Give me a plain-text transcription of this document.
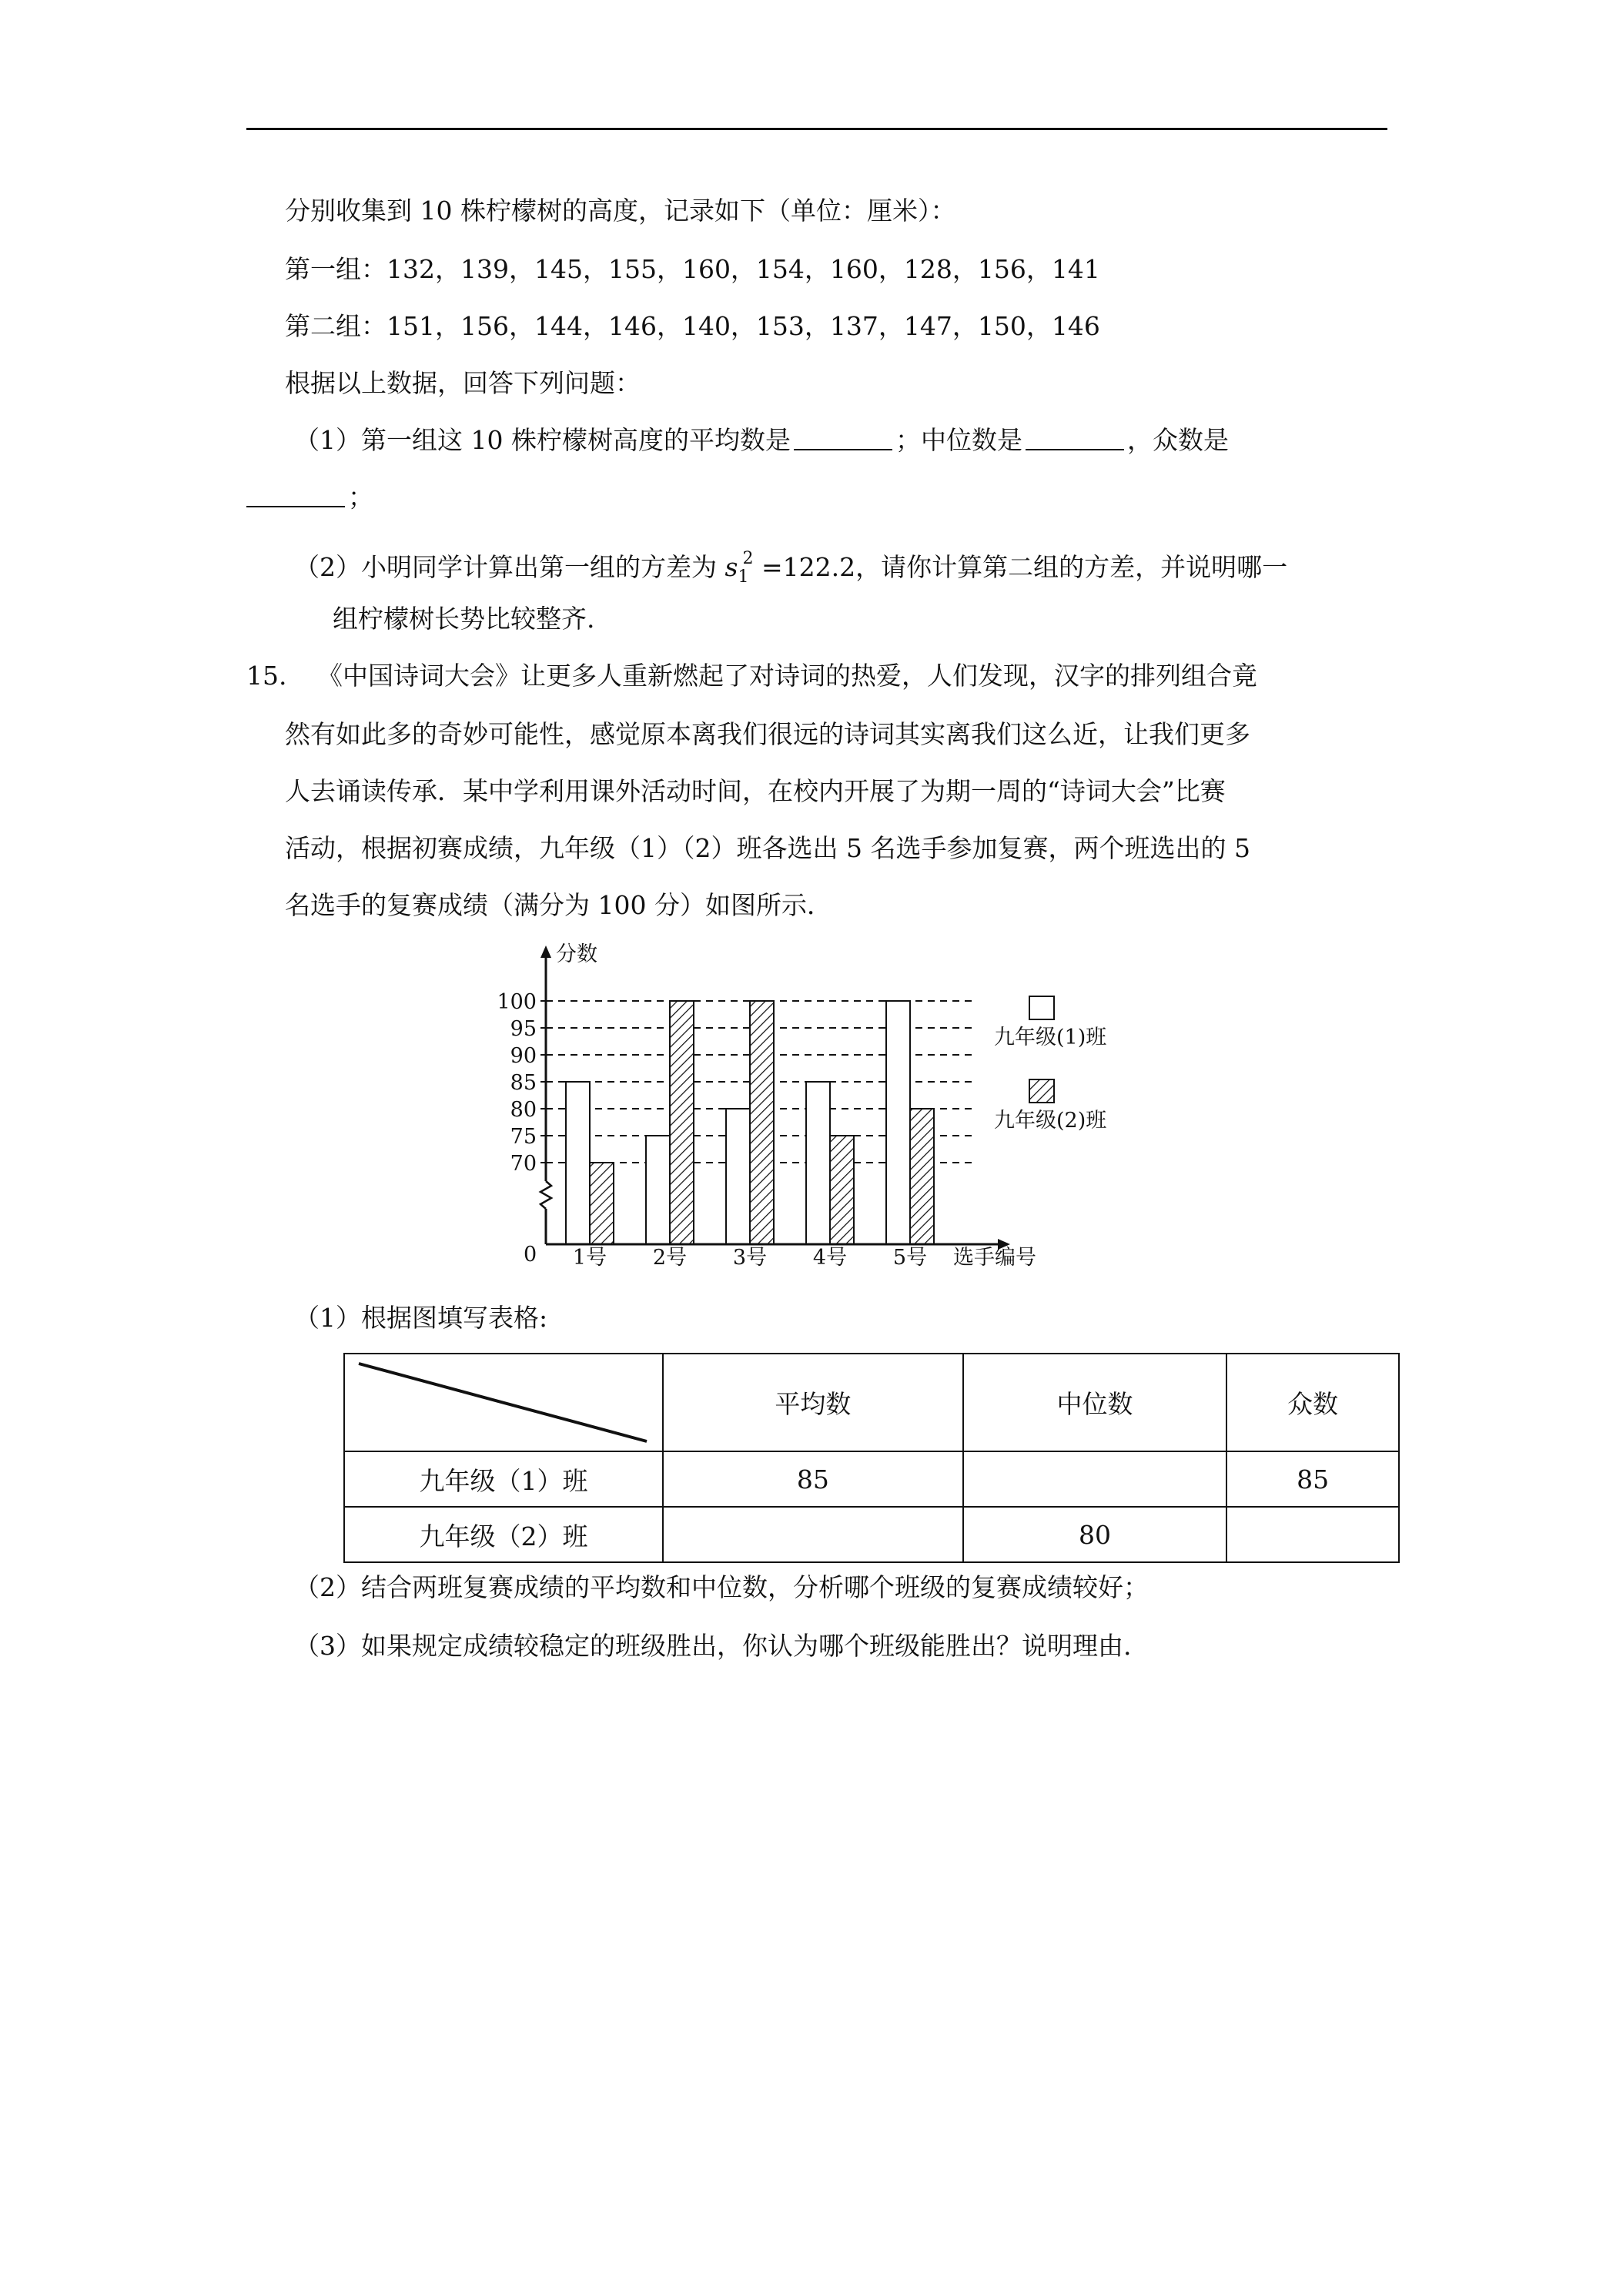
分别收集到 10 株柠檬树的高度，记录如下（单位：厘米）：
第一组：132，139，145，155，160，154，160，128，156，141
第二组：151，156，144，146，140，153，137，147，150，146
根据以上数据，回答下列问题：
（1）第一组这 10 株柠檬树高度的平均数是	；中位数是	，众数是
；
（2）小明同学计算出第一组的方差为 $s_1^2 =122.2$，请你计算第二组的方差，并说明哪一
组柠檬树长势比较整齐.
15. 《中国诗词大会》让更多人重新燃起了对诗词的热爱，人们发现，汉字的排列组合竟
然有如此多的奇妙可能性，感觉原本离我们很远的诗词其实离我们这么近，让我们更多
人去诵读传承．某中学利用课外活动时间，在校内开展了为期一周的“诗词大会”比赛
活动，根据初赛成绩，九年级（1）（2）班各选出 5 名选手参加复赛，两个班选出的 5
名选手的复赛成绩（满分为 100 分）如图所示．
分数
0	选手编号
70
75
80
85
90
95
100
1号 2号 3号 4号 5号
九年级(1)班
九年级(2)班
（1）根据图填写表格:
	平均数	中位数	众数
九年级（1）班	85		85
九年级（2）班		80	
（2）结合两班复赛成绩的平均数和中位数，分析哪个班级的复赛成绩较好；
（3）如果规定成绩较稳定的班级胜出，你认为哪个班级能胜出？说明理由.
